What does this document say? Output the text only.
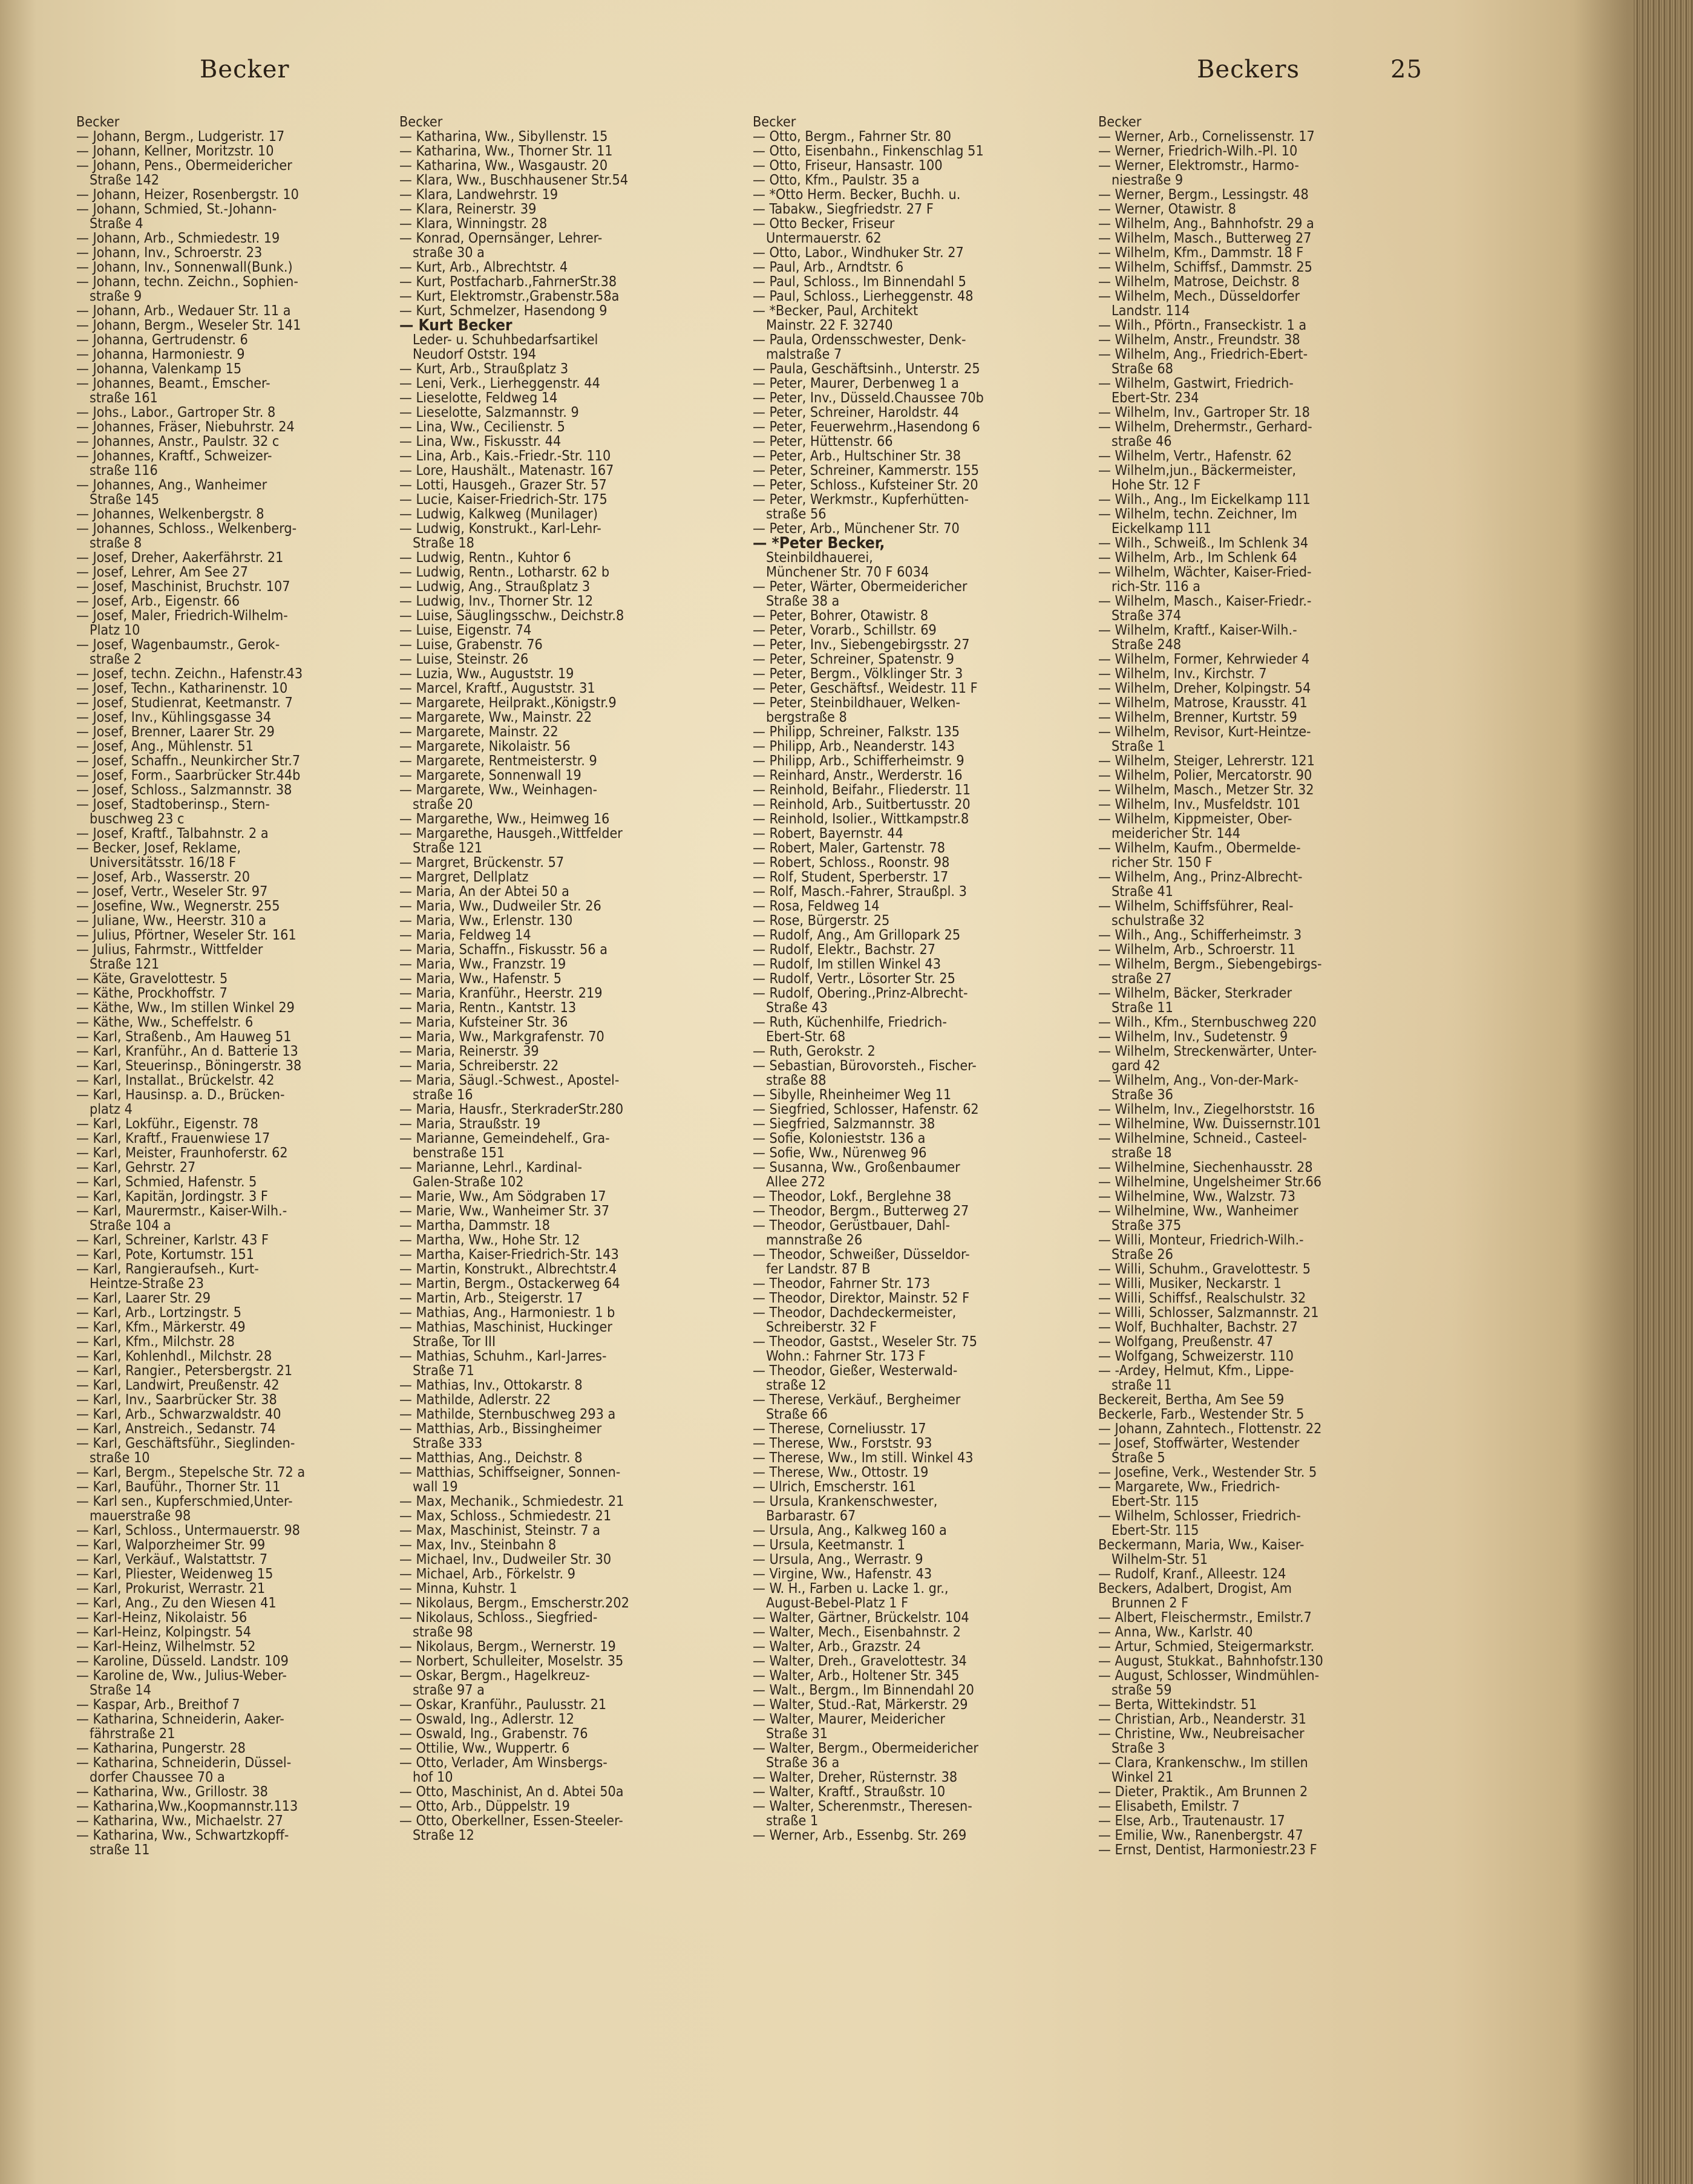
Becker	Beckers	25
Becker
— Johann, Bergm., Ludgeristr. 17
— Johann, Kellner, Moritzstr. 10
— Johann, Pens., Obermeidericher
Straße 142
— Johann, Heizer, Rosenbergstr. 10
— Johann, Schmied, St.-Johann-
Straße 4
— Johann, Arb., Schmiedestr. 19
— Johann, Inv., Schroerstr. 23
— Johann, Inv., Sonnenwall(Bunk.)
— Johann, techn. Zeichn., Sophien-
straße 9
— Johann, Arb., Wedauer Str. 11 a
— Johann, Bergm., Weseler Str. 141
— Johanna, Gertrudenstr. 6
— Johanna, Harmoniestr. 9
— Johanna, Valenkamp 15
— Johannes, Beamt., Emscher-
straße 161
— Johs., Labor., Gartroper Str. 8
— Johannes, Fräser, Niebuhrstr. 24
— Johannes, Anstr., Paulstr. 32 c
— Johannes, Kraftf., Schweizer-
straße 116
— Johannes, Ang., Wanheimer
Straße 145
— Johannes, Welkenbergstr. 8
— Johannes, Schloss., Welkenberg-
straße 8
— Josef, Dreher, Aakerfährstr. 21
— Josef, Lehrer, Am See 27
— Josef, Maschinist, Bruchstr. 107
— Josef, Arb., Eigenstr. 66
— Josef, Maler, Friedrich-Wilhelm-
Platz 10
— Josef, Wagenbaumstr., Gerok-
straße 2
— Josef, techn. Zeichn., Hafenstr.43
— Josef, Techn., Katharinenstr. 10
— Josef, Studienrat, Keetmanstr. 7
— Josef, Inv., Kühlingsgasse 34
— Josef, Brenner, Laarer Str. 29
— Josef, Ang., Mühlenstr. 51
— Josef, Schaffn., Neunkircher Str.7
— Josef, Form., Saarbrücker Str.44b
— Josef, Schloss., Salzmannstr. 38
— Josef, Stadtoberinsp., Stern-
buschweg 23 c
— Josef, Kraftf., Talbahnstr. 2 a
— Becker, Josef, Reklame,
Universitätsstr. 16/18 F
— Josef, Arb., Wasserstr. 20
— Josef, Vertr., Weseler Str. 97
— Josefine, Ww., Wegnerstr. 255
— Juliane, Ww., Heerstr. 310 a
— Julius, Pförtner, Weseler Str. 161
— Julius, Fahrmstr., Wittfelder
Straße 121
— Käte, Gravelottestr. 5
— Käthe, Prockhoffstr. 7
— Käthe, Ww., Im stillen Winkel 29
— Käthe, Ww., Scheffelstr. 6
— Karl, Straßenb., Am Hauweg 51
— Karl, Kranführ., An d. Batterie 13
— Karl, Steuerinsp., Böningerstr. 38
— Karl, Installat., Brückelstr. 42
— Karl, Hausinsp. a. D., Brücken-
platz 4
— Karl, Lokführ., Eigenstr. 78
— Karl, Kraftf., Frauenwiese 17
— Karl, Meister, Fraunhoferstr. 62
— Karl, Gehrstr. 27
— Karl, Schmied, Hafenstr. 5
— Karl, Kapitän, Jordingstr. 3 F
— Karl, Maurermstr., Kaiser-Wilh.-
Straße 104 a
— Karl, Schreiner, Karlstr. 43 F
— Karl, Pote, Kortumstr. 151
— Karl, Rangieraufseh., Kurt-
Heintze-Straße 23
— Karl, Laarer Str. 29
— Karl, Arb., Lortzingstr. 5
— Karl, Kfm., Märkerstr. 49
— Karl, Kfm., Milchstr. 28
— Karl, Kohlenhdl., Milchstr. 28
— Karl, Rangier., Petersbergstr. 21
— Karl, Landwirt, Preußenstr. 42
— Karl, Inv., Saarbrücker Str. 38
— Karl, Arb., Schwarzwaldstr. 40
— Karl, Anstreich., Sedanstr. 74
— Karl, Geschäftsführ., Sieglinden-
straße 10
— Karl, Bergm., Stepelsche Str. 72 a
— Karl, Bauführ., Thorner Str. 11
— Karl sen., Kupferschmied,Unter-
mauerstraße 98
— Karl, Schloss., Untermauerstr. 98
— Karl, Walporzheimer Str. 99
— Karl, Verkäuf., Walstattstr. 7
— Karl, Pliester, Weidenweg 15
— Karl, Prokurist, Werrastr. 21
— Karl, Ang., Zu den Wiesen 41
— Karl-Heinz, Nikolaistr. 56
— Karl-Heinz, Kolpingstr. 54
— Karl-Heinz, Wilhelmstr. 52
— Karoline, Düsseld. Landstr. 109
— Karoline de, Ww., Julius-Weber-
Straße 14
— Kaspar, Arb., Breithof 7
— Katharina, Schneiderin, Aaker-
fährstraße 21
— Katharina, Pungerstr. 28
— Katharina, Schneiderin, Düssel-
dorfer Chaussee 70 a
— Katharina, Ww., Grillostr. 38
— Katharina,Ww.,Koopmannstr.113
— Katharina, Ww., Michaelstr. 27
— Katharina, Ww., Schwartzkopff-
straße 11
Becker
— Katharina, Ww., Sibyllenstr. 15
— Katharina, Ww., Thorner Str. 11
— Katharina, Ww., Wasgaustr. 20
— Klara, Ww., Buschhausener Str.54
— Klara, Landwehrstr. 19
— Klara, Reinerstr. 39
— Klara, Winningstr. 28
— Konrad, Opernsänger, Lehrer-
straße 30 a
— Kurt, Arb., Albrechtstr. 4
— Kurt, Postfacharb.,FahrnerStr.38
— Kurt, Elektromstr.,Grabenstr.58a
— Kurt, Schmelzer, Hasendong 9
— Kurt Becker
Leder- u. Schuhbedarfsartikel
Neudorf Oststr. 194
— Kurt, Arb., Straußplatz 3
— Leni, Verk., Lierheggenstr. 44
— Lieselotte, Feldweg 14
— Lieselotte, Salzmannstr. 9
— Lina, Ww., Cecilienstr. 5
— Lina, Ww., Fiskusstr. 44
— Lina, Arb., Kais.-Friedr.-Str. 110
— Lore, Haushält., Matenastr. 167
— Lotti, Hausgeh., Grazer Str. 57
— Lucie, Kaiser-Friedrich-Str. 175
— Ludwig, Kalkweg (Munilager)
— Ludwig, Konstrukt., Karl-Lehr-
Straße 18
— Ludwig, Rentn., Kuhtor 6
— Ludwig, Rentn., Lotharstr. 62 b
— Ludwig, Ang., Straußplatz 3
— Ludwig, Inv., Thorner Str. 12
— Luise, Säuglingsschw., Deichstr.8
— Luise, Eigenstr. 74
— Luise, Grabenstr. 76
— Luise, Steinstr. 26
— Luzia, Ww., Auguststr. 19
— Marcel, Kraftf., Auguststr. 31
— Margarete, Heilprakt.,Königstr.9
— Margarete, Ww., Mainstr. 22
— Margarete, Mainstr. 22
— Margarete, Nikolaistr. 56
— Margarete, Rentmeisterstr. 9
— Margarete, Sonnenwall 19
— Margarete, Ww., Weinhagen-
straße 20
— Margarethe, Ww., Heimweg 16
— Margarethe, Hausgeh.,Wittfelder
Straße 121
— Margret, Brückenstr. 57
— Margret, Dellplatz
— Maria, An der Abtei 50 a
— Maria, Ww., Dudweiler Str. 26
— Maria, Ww., Erlenstr. 130
— Maria, Feldweg 14
— Maria, Schaffn., Fiskusstr. 56 a
— Maria, Ww., Franzstr. 19
— Maria, Ww., Hafenstr. 5
— Maria, Kranführ., Heerstr. 219
— Maria, Rentn., Kantstr. 13
— Maria, Kufsteiner Str. 36
— Maria, Ww., Markgrafenstr. 70
— Maria, Reinerstr. 39
— Maria, Schreiberstr. 22
— Maria, Säugl.-Schwest., Apostel-
straße 16
— Maria, Hausfr., SterkraderStr.280
— Maria, Straußstr. 19
— Marianne, Gemeindehelf., Gra-
benstraße 151
— Marianne, Lehrl., Kardinal-
Galen-Straße 102
— Marie, Ww., Am Södgraben 17
— Marie, Ww., Wanheimer Str. 37
— Martha, Dammstr. 18
— Martha, Ww., Hohe Str. 12
— Martha, Kaiser-Friedrich-Str. 143
— Martin, Konstrukt., Albrechtstr.4
— Martin, Bergm., Ostackerweg 64
— Martin, Arb., Steigerstr. 17
— Mathias, Ang., Harmoniestr. 1 b
— Mathias, Maschinist, Huckinger
Straße, Tor III
— Mathias, Schuhm., Karl-Jarres-
Straße 71
— Mathias, Inv., Ottokarstr. 8
— Mathilde, Adlerstr. 22
— Mathilde, Sternbuschweg 293 a
— Matthias, Arb., Bissingheimer
Straße 333
— Matthias, Ang., Deichstr. 8
— Matthias, Schiffseigner, Sonnen-
wall 19
— Max, Mechanik., Schmiedestr. 21
— Max, Schloss., Schmiedestr. 21
— Max, Maschinist, Steinstr. 7 a
— Max, Inv., Steinbahn 8
— Michael, Inv., Dudweiler Str. 30
— Michael, Arb., Förkelstr. 9
— Minna, Kuhstr. 1
— Nikolaus, Bergm., Emscherstr.202
— Nikolaus, Schloss., Siegfried-
straße 98
— Nikolaus, Bergm., Wernerstr. 19
— Norbert, Schulleiter, Moselstr. 35
— Oskar, Bergm., Hagelkreuz-
straße 97 a
— Oskar, Kranführ., Paulusstr. 21
— Oswald, Ing., Adlerstr. 12
— Oswald, Ing., Grabenstr. 76
— Ottilie, Ww., Wuppertr. 6
— Otto, Verlader, Am Winsbergs-
hof 10
— Otto, Maschinist, An d. Abtei 50a
— Otto, Arb., Düppelstr. 19
— Otto, Oberkellner, Essen-Steeler-
Straße 12
Becker
— Otto, Bergm., Fahrner Str. 80
— Otto, Eisenbahn., Finkenschlag 51
— Otto, Friseur, Hansastr. 100
— Otto, Kfm., Paulstr. 35 a
— *Otto Herm. Becker, Buchh. u.
— Tabakw., Siegfriedstr. 27 F
— Otto Becker, Friseur
Untermauerstr. 62
— Otto, Labor., Windhuker Str. 27
— Paul, Arb., Arndtstr. 6
— Paul, Schloss., Im Binnendahl 5
— Paul, Schloss., Lierheggenstr. 48
— *Becker, Paul, Architekt
Mainstr. 22 F. 32740
— Paula, Ordensschwester, Denk-
malstraße 7
— Paula, Geschäftsinh., Unterstr. 25
— Peter, Maurer, Derbenweg 1 a
— Peter, Inv., Düsseld.Chaussee 70b
— Peter, Schreiner, Haroldstr. 44
— Peter, Feuerwehrm.,Hasendong 6
— Peter, Hüttenstr. 66
— Peter, Arb., Hultschiner Str. 38
— Peter, Schreiner, Kammerstr. 155
— Peter, Schloss., Kufsteiner Str. 20
— Peter, Werkmstr., Kupferhütten-
straße 56
— Peter, Arb., Münchener Str. 70
— *Peter Becker,
Steinbildhauerei,
Münchener Str. 70 F 6034
— Peter, Wärter, Obermeidericher
Straße 38 a
— Peter, Bohrer, Otawistr. 8
— Peter, Vorarb., Schillstr. 69
— Peter, Inv., Siebengebirgsstr. 27
— Peter, Schreiner, Spatenstr. 9
— Peter, Bergm., Völklinger Str. 3
— Peter, Geschäftsf., Weidestr. 11 F
— Peter, Steinbildhauer, Welken-
bergstraße 8
— Philipp, Schreiner, Falkstr. 135
— Philipp, Arb., Neanderstr. 143
— Philipp, Arb., Schifferheimstr. 9
— Reinhard, Anstr., Werderstr. 16
— Reinhold, Beifahr., Fliederstr. 11
— Reinhold, Arb., Suitbertusstr. 20
— Reinhold, Isolier., Wittkampstr.8
— Robert, Bayernstr. 44
— Robert, Maler, Gartenstr. 78
— Robert, Schloss., Roonstr. 98
— Rolf, Student, Sperberstr. 17
— Rolf, Masch.-Fahrer, Straußpl. 3
— Rosa, Feldweg 14
— Rose, Bürgerstr. 25
— Rudolf, Ang., Am Grillopark 25
— Rudolf, Elektr., Bachstr. 27
— Rudolf, Im stillen Winkel 43
— Rudolf, Vertr., Lösorter Str. 25
— Rudolf, Obering.,Prinz-Albrecht-
Straße 43
— Ruth, Küchenhilfe, Friedrich-
Ebert-Str. 68
— Ruth, Gerokstr. 2
— Sebastian, Bürovorsteh., Fischer-
straße 88
— Sibylle, Rheinheimer Weg 11
— Siegfried, Schlosser, Hafenstr. 62
— Siegfried, Salzmannstr. 38
— Sofie, Kolonieststr. 136 a
— Sofie, Ww., Nürenweg 96
— Susanna, Ww., Großenbaumer
Allee 272
— Theodor, Lokf., Berglehne 38
— Theodor, Bergm., Butterweg 27
— Theodor, Gerüstbauer, Dahl-
mannstraße 26
— Theodor, Schweißer, Düsseldor-
fer Landstr. 87 B
— Theodor, Fahrner Str. 173
— Theodor, Direktor, Mainstr. 52 F
— Theodor, Dachdeckermeister,
Schreiberstr. 32 F
— Theodor, Gastst., Weseler Str. 75
Wohn.: Fahrner Str. 173 F
— Theodor, Gießer, Westerwald-
straße 12
— Therese, Verkäuf., Bergheimer
Straße 66
— Therese, Corneliusstr. 17
— Therese, Ww., Forststr. 93
— Therese, Ww., Im still. Winkel 43
— Therese, Ww., Ottostr. 19
— Ulrich, Emscherstr. 161
— Ursula, Krankenschwester,
Barbarastr. 67
— Ursula, Ang., Kalkweg 160 a
— Ursula, Keetmanstr. 1
— Ursula, Ang., Werrastr. 9
— Virgine, Ww., Hafenstr. 43
— W. H., Farben u. Lacke 1. gr.,
August-Bebel-Platz 1 F
— Walter, Gärtner, Brückelstr. 104
— Walter, Mech., Eisenbahnstr. 2
— Walter, Arb., Grazstr. 24
— Walter, Dreh., Gravelottestr. 34
— Walter, Arb., Holtener Str. 345
— Walt., Bergm., Im Binnendahl 20
— Walter, Stud.-Rat, Märkerstr. 29
— Walter, Maurer, Meidericher
Straße 31
— Walter, Bergm., Obermeidericher
Straße 36 a
— Walter, Dreher, Rüsternstr. 38
— Walter, Kraftf., Straußstr. 10
— Walter, Scherenmstr., Theresen-
straße 1
— Werner, Arb., Essenbg. Str. 269
Becker
— Werner, Arb., Cornelissenstr. 17
— Werner, Friedrich-Wilh.-Pl. 10
— Werner, Elektromstr., Harmo-
niestraße 9
— Werner, Bergm., Lessingstr. 48
— Werner, Otawistr. 8
— Wilhelm, Ang., Bahnhofstr. 29 a
— Wilhelm, Masch., Butterweg 27
— Wilhelm, Kfm., Dammstr. 18 F
— Wilhelm, Schiffsf., Dammstr. 25
— Wilhelm, Matrose, Deichstr. 8
— Wilhelm, Mech., Düsseldorfer
Landstr. 114
— Wilh., Pförtn., Franseckistr. 1 a
— Wilhelm, Anstr., Freundstr. 38
— Wilhelm, Ang., Friedrich-Ebert-
Straße 68
— Wilhelm, Gastwirt, Friedrich-
Ebert-Str. 234
— Wilhelm, Inv., Gartroper Str. 18
— Wilhelm, Drehermstr., Gerhard-
straße 46
— Wilhelm, Vertr., Hafenstr. 62
— Wilhelm,jun., Bäckermeister,
Hohe Str. 12 F
— Wilh., Ang., Im Eickelkamp 111
— Wilhelm, techn. Zeichner, Im
Eickelkamp 111
— Wilh., Schweiß., Im Schlenk 34
— Wilhelm, Arb., Im Schlenk 64
— Wilhelm, Wächter, Kaiser-Fried-
rich-Str. 116 a
— Wilhelm, Masch., Kaiser-Friedr.-
Straße 374
— Wilhelm, Kraftf., Kaiser-Wilh.-
Straße 248
— Wilhelm, Former, Kehrwieder 4
— Wilhelm, Inv., Kirchstr. 7
— Wilhelm, Dreher, Kolpingstr. 54
— Wilhelm, Matrose, Krausstr. 41
— Wilhelm, Brenner, Kurtstr. 59
— Wilhelm, Revisor, Kurt-Heintze-
Straße 1
— Wilhelm, Steiger, Lehrerstr. 121
— Wilhelm, Polier, Mercatorstr. 90
— Wilhelm, Masch., Metzer Str. 32
— Wilhelm, Inv., Musfeldstr. 101
— Wilhelm, Kippmeister, Ober-
meidericher Str. 144
— Wilhelm, Kaufm., Obermelde-
richer Str. 150 F
— Wilhelm, Ang., Prinz-Albrecht-
Straße 41
— Wilhelm, Schiffsführer, Real-
schulstraße 32
— Wilh., Ang., Schifferheimstr. 3
— Wilhelm, Arb., Schroerstr. 11
— Wilhelm, Bergm., Siebengebirgs-
straße 27
— Wilhelm, Bäcker, Sterkrader
Straße 11
— Wilh., Kfm., Sternbuschweg 220
— Wilhelm, Inv., Sudetenstr. 9
— Wilhelm, Streckenwärter, Unter-
gard 42
— Wilhelm, Ang., Von-der-Mark-
Straße 36
— Wilhelm, Inv., Ziegelhorststr. 16
— Wilhelmine, Ww. Duissernstr.101
— Wilhelmine, Schneid., Casteel-
straße 18
— Wilhelmine, Siechenhausstr. 28
— Wilhelmine, Ungelsheimer Str.66
— Wilhelmine, Ww., Walzstr. 73
— Wilhelmine, Ww., Wanheimer
Straße 375
— Willi, Monteur, Friedrich-Wilh.-
Straße 26
— Willi, Schuhm., Gravelottestr. 5
— Willi, Musiker, Neckarstr. 1
— Willi, Schiffsf., Realschulstr. 32
— Willi, Schlosser, Salzmannstr. 21
— Wolf, Buchhalter, Bachstr. 27
— Wolfgang, Preußenstr. 47
— Wolfgang, Schweizerstr. 110
— -Ardey, Helmut, Kfm., Lippe-
straße 11
Beckereit, Bertha, Am See 59
Beckerle, Farb., Westender Str. 5
— Johann, Zahntech., Flottenstr. 22
— Josef, Stoffwärter, Westender
Straße 5
— Josefine, Verk., Westender Str. 5
— Margarete, Ww., Friedrich-
Ebert-Str. 115
— Wilhelm, Schlosser, Friedrich-
Ebert-Str. 115
Beckermann, Maria, Ww., Kaiser-
Wilhelm-Str. 51
— Rudolf, Kranf., Alleestr. 124
Beckers, Adalbert, Drogist, Am
Brunnen 2 F
— Albert, Fleischermstr., Emilstr.7
— Anna, Ww., Karlstr. 40
— Artur, Schmied, Steigermarkstr.
— August, Stukkat., Bahnhofstr.130
— August, Schlosser, Windmühlen-
straße 59
— Berta, Wittekindstr. 51
— Christian, Arb., Neanderstr. 31
— Christine, Ww., Neubreisacher
Straße 3
— Clara, Krankenschw., Im stillen
Winkel 21
— Dieter, Praktik., Am Brunnen 2
— Elisabeth, Emilstr. 7
— Else, Arb., Trautenaustr. 17
— Emilie, Ww., Ranenbergstr. 47
— Ernst, Dentist, Harmoniestr.23 F
